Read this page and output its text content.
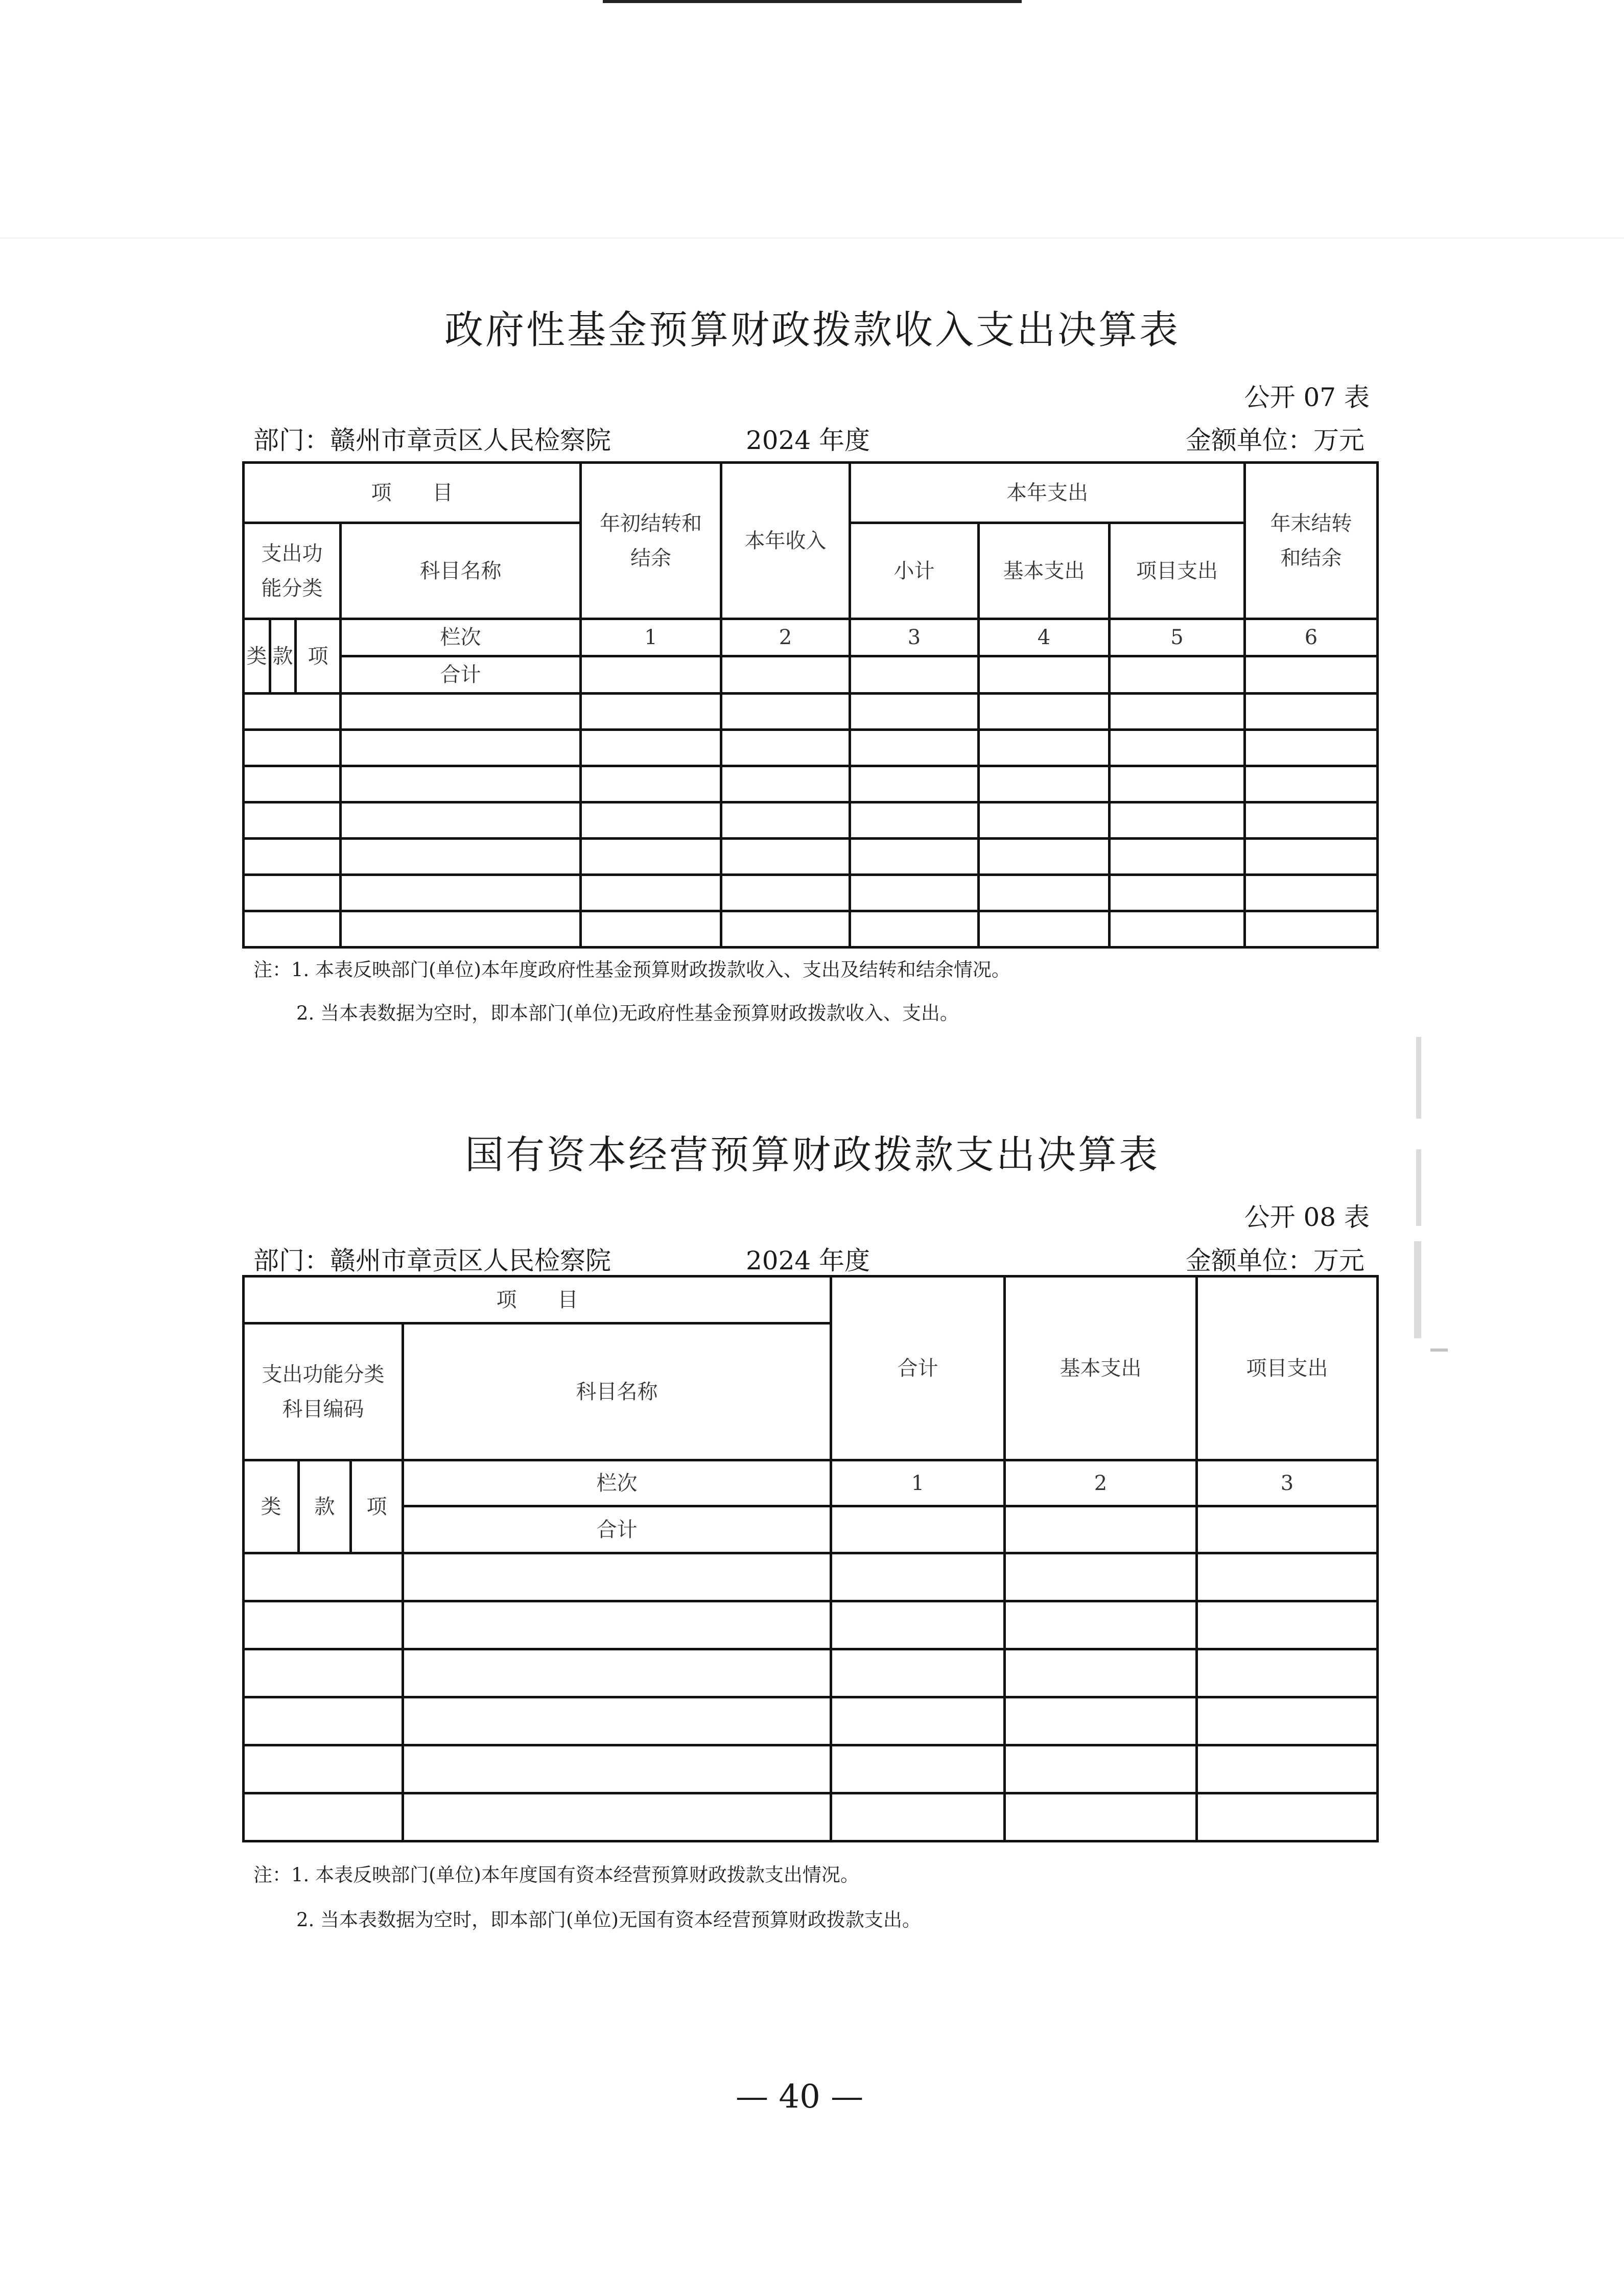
政府性基金预算财政拨款收入支出决算表
公开 07 表
部门：赣州市章贡区人民检察院	2024 年度	金额单位：万元
项　　目				年初结转和结余	本年收入	本年支出			年末结转和结余
支出功能分类			科目名称			小计	基本支出	项目支出	
类	款	项	栏次	1	2	3	4	5	6
			合计						

注：1. 本表反映部门(单位)本年度政府性基金预算财政拨款收入、支出及结转和结余情况。
2. 当本表数据为空时，即本部门(单位)无政府性基金预算财政拨款收入、支出。
国有资本经营预算财政拨款支出决算表
公开 08 表
部门：赣州市章贡区人民检察院	2024 年度	金额单位：万元
项　　目				合计	基本支出	项目支出
支出功能分类科目编码			科目名称			
类	款	项	栏次	1	2	3
			合计			

注：1. 本表反映部门(单位)本年度国有资本经营预算财政拨款支出情况。
2. 当本表数据为空时，即本部门(单位)无国有资本经营预算财政拨款支出。
— 40 —
